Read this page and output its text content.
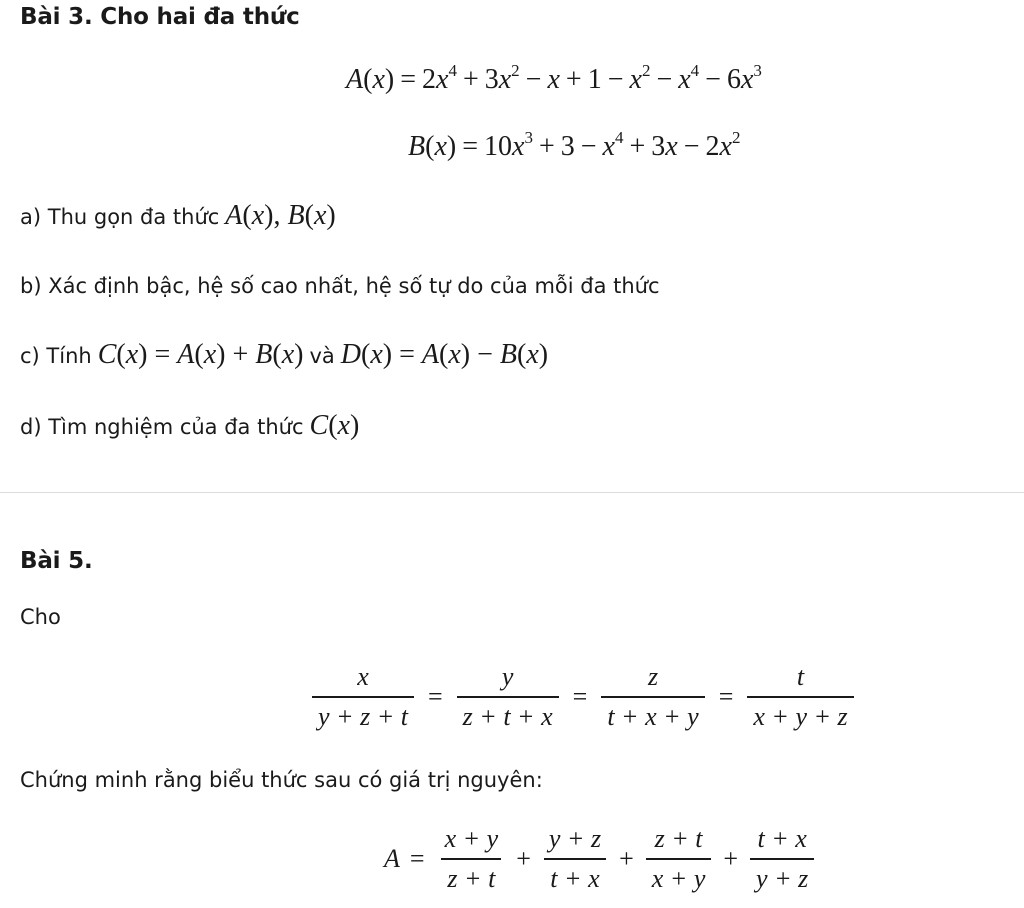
Bài 3. Cho hai đa thức
$A(x) = 2x^4 + 3x^2 - x + 1 - x^2 - x^4 - 6x^3$
$B(x) = 10x^3 + 3 - x^4 + 3x - 2x^2$
a) Thu gọn đa thức A(x), B(x)
b) Xác định bậc, hệ số cao nhất, hệ số tự do của mỗi đa thức
c) Tính C(x) = A(x) + B(x) và D(x) = A(x) − B(x)
d) Tìm nghiệm của đa thức C(x)
Bài 5.
Cho
$\frac{x}{y + z + t} = \frac{y}{z + t + x} = \frac{z}{t + x + y} = \frac{t}{x + y + z}$
Chứng minh rằng biểu thức sau có giá trị nguyên:
$A = \frac{x + y}{z + t} + \frac{y + z}{t + x} + \frac{z + t}{x + y} + \frac{t + x}{y + z}$
